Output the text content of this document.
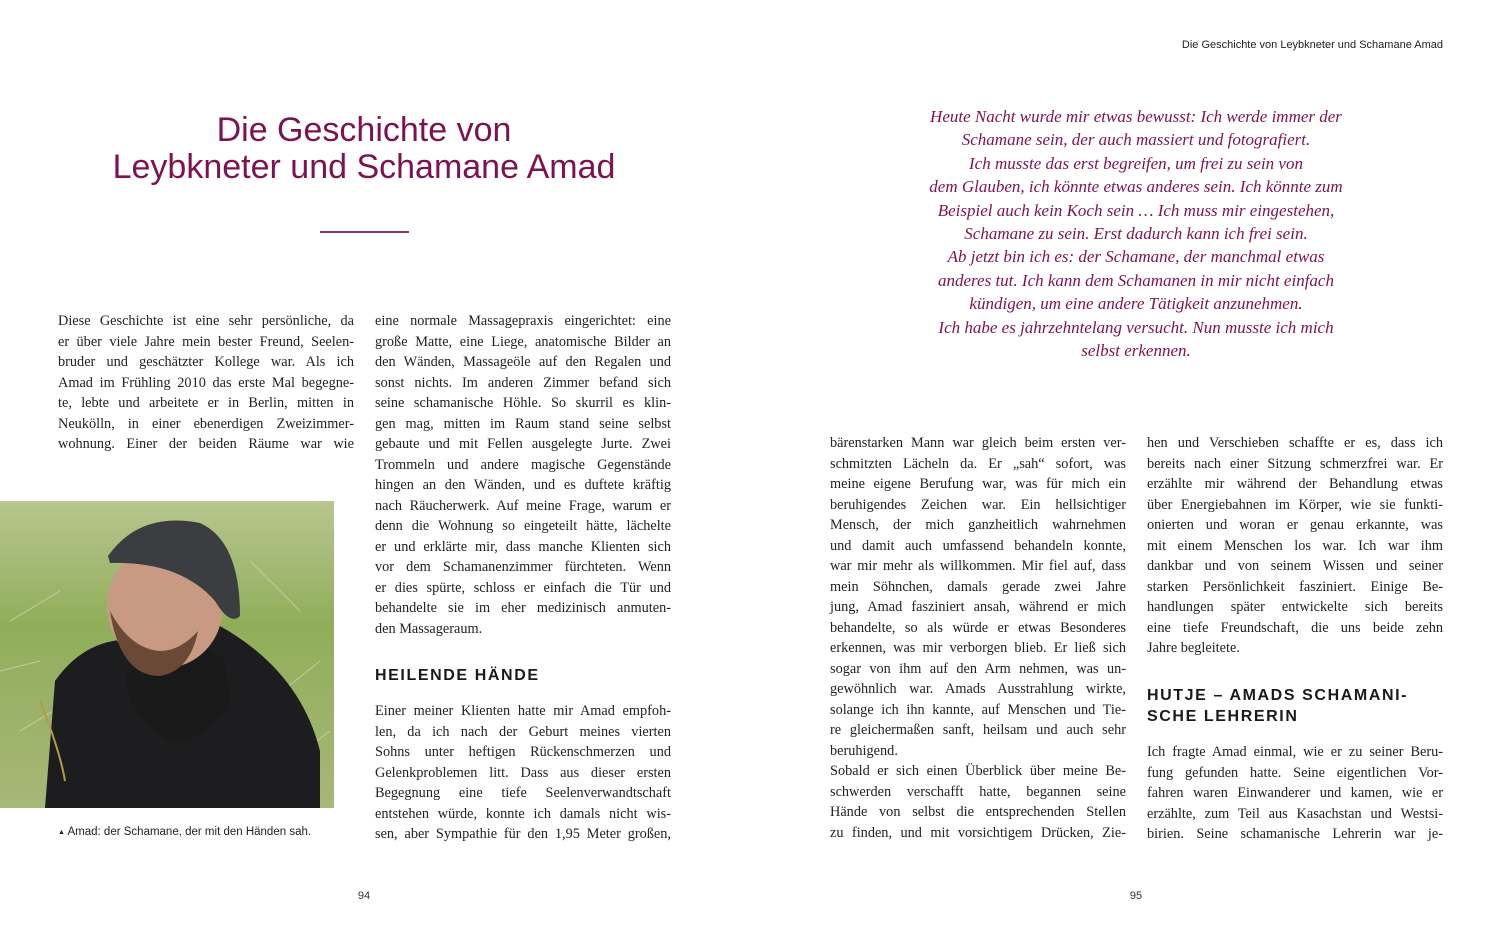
Die Geschichte von Leybkneter und Schamane Amad
Die Geschichte von
Leybkneter und Schamane Amad
Diese Geschichte ist eine sehr persönliche, da
er über viele Jahre mein bester Freund, Seelen-
bruder und geschätzter Kollege war. Als ich
Amad im Frühling 2010 das erste Mal begegne-
te, lebte und arbeitete er in Berlin, mitten in
Neukölln, in einer ebenerdigen Zweizimmer-
wohnung. Einer der beiden Räume war wie
eine normale Massagepraxis eingerichtet: eine
große Matte, eine Liege, anatomische Bilder an
den Wänden, Massageöle auf den Regalen und
sonst nichts. Im anderen Zimmer befand sich
seine schamanische Höhle. So skurril es klin-
gen mag, mitten im Raum stand seine selbst
gebaute und mit Fellen ausgelegte Jurte. Zwei
Trommeln und andere magische Gegenstände
hingen an den Wänden, und es duftete kräftig
nach Räucherwerk. Auf meine Frage, warum er
denn die Wohnung so eingeteilt hätte, lächelte
er und erklärte mir, dass manche Klienten sich
vor dem Schamanenzimmer fürchteten. Wenn
er dies spürte, schloss er einfach die Tür und
behandelte sie im eher medizinisch anmuten-
den Massageraum.
HEILENDE HÄNDE
Einer meiner Klienten hatte mir Amad empfoh-
len, da ich nach der Geburt meines vierten
Sohns unter heftigen Rückenschmerzen und
Gelenkproblemen litt. Dass aus dieser ersten
Begegnung eine tiefe Seelenverwandtschaft
entstehen würde, konnte ich damals nicht wis-
sen, aber Sympathie für den 1,95 Meter großen,
Heute Nacht wurde mir etwas bewusst: Ich werde immer der
Schamane sein, der auch massiert und fotografiert.
Ich musste das erst begreifen, um frei zu sein von
dem Glauben, ich könnte etwas anderes sein. Ich könnte zum
Beispiel auch kein Koch sein … Ich muss mir eingestehen,
Schamane zu sein. Erst dadurch kann ich frei sein.
Ab jetzt bin ich es: der Schamane, der manchmal etwas
anderes tut. Ich kann dem Schamanen in mir nicht einfach
kündigen, um eine andere Tätigkeit anzunehmen.
Ich habe es jahrzehntelang versucht. Nun musste ich mich
selbst erkennen.
bärenstarken Mann war gleich beim ersten ver-
schmitzten Lächeln da. Er „sah“ sofort, was
meine eigene Berufung war, was für mich ein
beruhigendes Zeichen war. Ein hellsichtiger
Mensch, der mich ganzheitlich wahrnehmen
und damit auch umfassend behandeln konnte,
war mir mehr als willkommen. Mir fiel auf, dass
mein Söhnchen, damals gerade zwei Jahre
jung, Amad fasziniert ansah, während er mich
behandelte, so als würde er etwas Besonderes
erkennen, was mir verborgen blieb. Er ließ sich
sogar von ihm auf den Arm nehmen, was un-
gewöhnlich war. Amads Ausstrahlung wirkte,
solange ich ihn kannte, auf Menschen und Tie-
re gleichermaßen sanft, heilsam und auch sehr
beruhigend.
Sobald er sich einen Überblick über meine Be-
schwerden verschafft hatte, begannen seine
Hände von selbst die entsprechenden Stellen
zu finden, und mit vorsichtigem Drücken, Zie-
hen und Verschieben schaffte er es, dass ich
bereits nach einer Sitzung schmerzfrei war. Er
erzählte mir während der Behandlung etwas
über Energiebahnen im Körper, wie sie funkti-
onierten und woran er genau erkannte, was
mit einem Menschen los war. Ich war ihm
dankbar und von seinem Wissen und seiner
starken Persönlichkeit fasziniert. Einige Be-
handlungen später entwickelte sich bereits
eine tiefe Freundschaft, die uns beide zehn
Jahre begleitete.
HUTJE – AMADS SCHAMANI-
SCHE LEHRERIN
Ich fragte Amad einmal, wie er zu seiner Beru-
fung gefunden hatte. Seine eigentlichen Vor-
fahren waren Einwanderer und kamen, wie er
erzählte, zum Teil aus Kasachstan und Westsi-
birien. Seine schamanische Lehrerin war je-
▲ Amad: der Schamane, der mit den Händen sah.
94	95
